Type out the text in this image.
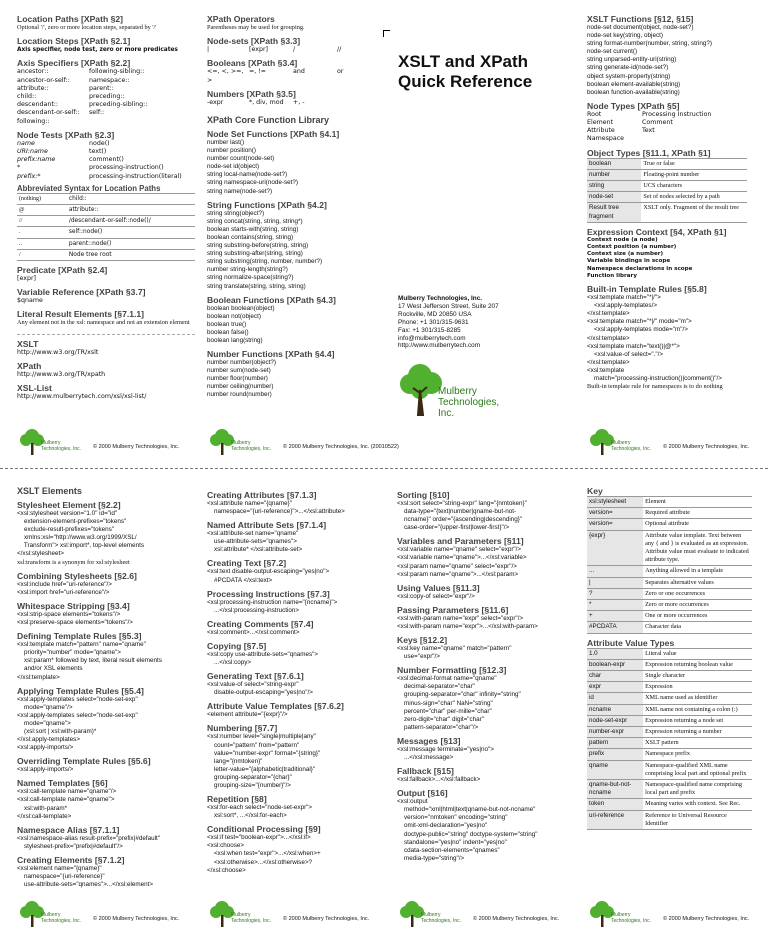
Location Paths [XPath §2]
Optional '/', zero or more location steps, separated by '/'
Location Steps [XPath §2.1]
Axis specifier, node test, zero or more predicates
Axis Specifiers [XPath §2.2]
ancestor::	following-sibling::
ancestor-or-self::	namespace::
attribute::	parent::
child::	preceding::
descendant::	preceding-sibling::
descendant-or-self::	self::
following::
Node Tests [XPath §2.3]
name	node()
URI:name	text()
prefix:name	comment()
*	processing-instruction()
prefix:*	processing-instruction(literal)
Abbreviated Syntax for Location Paths
(nothing)	child::
@	attribute::
//	/descendant-or-self::node()/
.	self::node()
..	parent::node()
/	Node tree root
Predicate [XPath §2.4]
[expr]
Variable Reference [XPath §3.7]
$qname
Literal Result Elements [§7.1.1]
Any element not in the xsl: namespace and not an extension element
XSLT
http://www.w3.org/TR/xslt
XPath
http://www.w3.org/TR/xpath
XSL-List
http://www.mulberrytech.com/xsl/xsl-list/
XPath Operators
Parentheses may be used for grouping.
Node-sets [XPath §3.3]
|	[expr]	/	//
Booleans [XPath §3.4]
<=, <, >=, >
=, !=	and	or
Numbers [XPath §3.5]
-expr	*, div, mod	+, -
XPath Core Function Library
Node Set Functions [XPath §4.1]
number last()
number position()
number count(node-set)
node-set id(object)
string local-name(node-set?)
string namespace-uri(node-set?)
string name(node-set?)
String Functions [XPath §4.2]
string string(object?)
string concat(string, string, string*)
boolean starts-with(string, string)
boolean contains(string, string)
string substring-before(string, string)
string substring-after(string, string)
string substring(string, number, number?)
number string-length(string?)
string normalize-space(string?)
string translate(string, string, string)
Boolean Functions [XPath §4.3]
boolean boolean(object)
boolean not(object)
boolean true()
boolean false()
boolean lang(string)
Number Functions [XPath §4.4]
number number(object?)
number sum(node-set)
number floor(number)
number ceiling(number)
number round(number)
XSLT and XPath
Quick Reference
Mulberry Technologies, Inc.
17 West Jefferson Street, Suite 207
Rockville, MD 20850 USA
Phone: +1 301/315-9631
Fax: +1 301/315-8285
info@mulberrytech.com
http://www.mulberrytech.com
Mulberry
Technologies, Inc.
XSLT Functions [§12, §15]
node-set document(object, node-set?)
node-set key(string, object)
string format-number(number, string, string?)
node-set current()
string unparsed-entity-uri(string)
string generate-id(node-set?)
object system-property(string)
boolean element-available(string)
boolean function-available(string)
Node Types [XPath §5]
Root	Processing Instruction
Element	Comment
Attribute	Text
Namespace
Object Types [§11.1, XPath §1]
boolean	True or false
number	Floating-point number
string	UCS characters
node-set	Set of nodes selected by a path
Result tree fragment	XSLT only. Fragment of the result tree
Expression Context [§4, XPath §1]
Context node (a node)
Context position (a number)
Context size (a number)
Variable bindings in scope
Namespace declarations in scope
Function library
Built-in Template Rules [§5.8]
<xsl:template match="*|/">
<xsl:apply-templates/>
</xsl:template>
<xsl:template match="*|/" mode="m">
<xsl:apply-templates mode="m"/>
</xsl:template>
<xsl:template match="text()|@*">
<xsl:value-of select="."/>
</xsl:template>
<xsl:template
match="processing-instruction()|comment()"/>
Built-in template rule for namespaces is to do nothing
Mulberry
Technologies, Inc. © 2000 Mulberry Technologies, Inc.
Mulberry
Technologies, Inc. © 2000 Mulberry Technologies, Inc. (20010522)
Mulberry
Technologies, Inc. © 2000 Mulberry Technologies, Inc.
XSLT Elements
Stylesheet Element [§2.2]
<xsl:stylesheet version="1.0" id="id"
extension-element-prefixes="tokens"
exclude-result-prefixes="tokens"
xmlns:xsl="http://www.w3.org/1999/XSL/
Transform"> xsl:import*, top-level elements
</xsl:stylesheet>
xsl:transform is a synonym for xsl:stylesheet
Combining Stylesheets [§2.6]
<xsl:include href="uri-reference"/>
<xsl:import href="uri-reference"/>
Whitespace Stripping [§3.4]
<xsl:strip-space elements="tokens"/>
<xsl:preserve-space elements="tokens"/>
Defining Template Rules [§5.3]
<xsl:template match="pattern" name="qname"
priority="number" mode="qname">
xsl:param* followed by text, literal result elements
and/or XSL elements
</xsl:template>
Applying Template Rules [§5.4]
<xsl:apply-templates select="node-set-exp"
mode="qname"/>
<xsl:apply-templates select="node-set-exp"
mode="qname">
(xsl:sort | xsl:with-param)*
</xsl:apply-templates>
<xsl:apply-imports/>
Overriding Template Rules [§5.6]
<xsl:apply-imports/>
Named Templates [§6]
<xsl:call-template name="qname"/>
<xsl:call-template name="qname">
xsl:with-param*
</xsl:call-template>
Namespace Alias [§7.1.1]
<xsl:namespace-alias result-prefix="prefix|#default"
stylesheet-prefix="prefix|#default"/>
Creating Elements [§7.1.2]
<xsl:element name="{qname}"
namespace="{uri-reference}"
use-attribute-sets="qnames">...</xsl:element>
Creating Attributes [§7.1.3]
<xsl:attribute name="{qname}"
namespace="{uri-reference}">...</xsl:attribute>
Named Attribute Sets [§7.1.4]
<xsl:attribute-set name="qname"
use-attribute-sets="qnames">
xsl:attribute* </xsl:attribute-set>
Creating Text [§7.2]
<xsl:text disable-output-escaping="yes|no">
#PCDATA </xsl:text>
Processing Instructions [§7.3]
<xsl:processing-instruction name="{ncname}">
...</xsl:processing-instruction>
Creating Comments [§7.4]
<xsl:comment>...</xsl:comment>
Copying [§7.5]
<xsl:copy use-attribute-sets="qnames">
...</xsl:copy>
Generating Text [§7.6.1]
<xsl:value-of select="string-expr"
disable-output-escaping="yes|no"/>
Attribute Value Templates [§7.6.2]
<element attribute="{expr}"/>
Numbering [§7.7]
<xsl:number level="single|multiple|any"
count="pattern" from="pattern"
value="number-expr" format="{string}"
lang="{nmtoken}"
letter-value="{alphabetic|traditional}"
grouping-separator="{char}"
grouping-size="{number}"/>
Repetition [§8]
<xsl:for-each select="node-set-expr">
xsl:sort*, ...</xsl:for-each>
Conditional Processing [§9]
<xsl:if test="boolean-expr">...</xsl:if>
<xsl:choose>
<xsl:when test="expr">...</xsl:when>+
<xsl:otherwise>...</xsl:otherwise>?
</xsl:choose>
Sorting [§10]
<xsl:sort select="string-expr" lang="{nmtoken}"
data-type="{text|number|qname-but-not-
ncname}" order="{ascending|descending}"
case-order="{upper-first|lower-first}"/>
Variables and Parameters [§11]
<xsl:variable name="qname" select="expr"/>
<xsl:variable name="qname">...</xsl:variable>
<xsl:param name="qname" select="expr"/>
<xsl:param name="qname">...</xsl:param>
Using Values [§11.3]
<xsl:copy-of select="expr"/>
Passing Parameters [§11.6]
<xsl:with-param name="expr" select="expr"/>
<xsl:with-param name="expr">...</xsl:with-param>
Keys [§12.2]
<xsl:key name="qname" match="pattern"
use="expr"/>
Number Formatting [§12.3]
<xsl:decimal-format name="qname"
decimal-separator="char"
grouping-separator="char" infinity="string"
minus-sign="char" NaN="string"
percent="char" per-mille="char"
zero-digit="char" digit="char"
pattern-separator="char"/>
Messages [§13]
<xsl:message terminate="yes|no">
...</xsl:message>
Fallback [§15]
<xsl:fallback>...</xsl:fallback>
Output [§16]
<xsl:output
method="xml|html|text|qname-but-not-ncname"
version="nmtoken" encoding="string"
omit-xml-declaration="yes|no"
doctype-public="string" doctype-system="string"
standalone="yes|no" indent="yes|no"
cdata-section-elements="qnames"
media-type="string"/>
Key
xsl:stylesheet	Element
version=	Required attribute
version=	Optional attribute
{expr}	Attribute value template. Text between any { and } is evaluated as an expression. Attribute value must evaluate to indicated attribute type.
...	Anything allowed in a template
|	Separates alternative values
?	Zero or one occurrences
*	Zero or more occurrences
+	One or more occurrences
#PCDATA	Character data
Attribute Value Types
1.0	Literal value
boolean-expr	Expression returning boolean value
char	Single character
expr	Expression
id	XML name used as identifier
ncname	XML name not containing a colon (:)
node-set-expr	Expression returning a node set
number-expr	Expression returning a number
pattern	XSLT pattern
prefix	Namespace prefix
qname	Namespace-qualified XML name comprising local part and optional prefix
qname-but-not-ncname	Namespace-qualified name comprising local part and prefix
token	Meaning varies with context. See Rec.
uri-reference	Reference to Universal Resource Identifier
Mulberry
Technologies, Inc. © 2000 Mulberry Technologies, Inc.
Mulberry
Technologies, Inc. © 2000 Mulberry Technologies, Inc.
Mulberry
Technologies, Inc. © 2000 Mulberry Technologies, Inc.
Mulberry
Technologies, Inc. © 2000 Mulberry Technologies, Inc.
